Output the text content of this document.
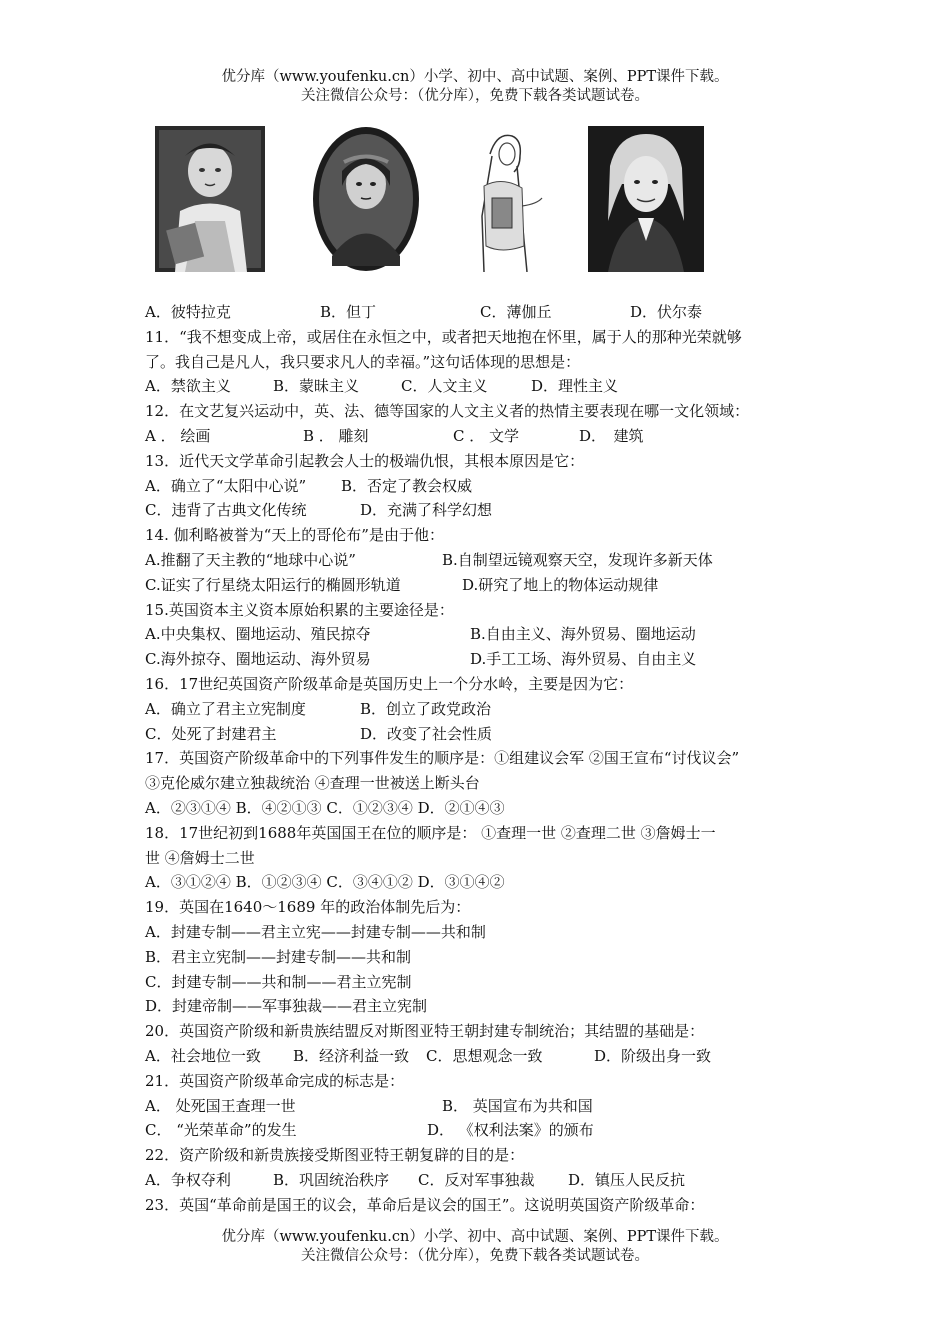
优分库（www.youfenku.cn）小学、初中、高中试题、案例、PPT课件下载。
关注微信公众号：（优分库），免费下载各类试题试卷。
A．彼特拉克	B．但丁	C．薄伽丘	D．伏尔泰
11．“我不想变成上帝，或居住在永恒之中，或者把天地抱在怀里，属于人的那种光荣就够
了。我自己是凡人，我只要求凡人的幸福。”这句话体现的思想是：
A．禁欲主义	B．蒙昧主义	C．人文主义	D．理性主义
12．在文艺复兴运动中，英、法、德等国家的人文主义者的热情主要表现在哪一文化领域：
A ． 绘画	B ． 雕刻	C ． 文学	D．　建筑
13．近代天文学革命引起教会人士的极端仇恨，其根本原因是它：
A．确立了“太阳中心说” B．否定了教会权威
C．违背了古典文化传统	D．充满了科学幻想
14. 伽利略被誉为“天上的哥伦布”是由于他：
A.推翻了天主教的“地球中心说”	B.自制望远镜观察天空，发现许多新天体
C.证实了行星绕太阳运行的椭圆形轨道	D.研究了地上的物体运动规律
15.英国资本主义资本原始积累的主要途径是：
A.中央集权、圈地运动、殖民掠夺	B.自由主义、海外贸易、圈地运动
C.海外掠夺、圈地运动、海外贸易	D.手工工场、海外贸易、自由主义
16．17世纪英国资产阶级革命是英国历史上一个分水岭，主要是因为它：
A．确立了君主立宪制度	B．创立了政党政治
C．处死了封建君主	D．改变了社会性质
17．英国资产阶级革命中的下列事件发生的顺序是：①组建议会军 ②国王宣布“讨伐议会”
③克伦威尔建立独裁统治 ④查理一世被送上断头台
A．②③①④ B．④②①③ C．①②③④ D．②①④③
18．17世纪初到1688年英国国王在位的顺序是： ①查理一世 ②查理二世 ③詹姆士一
世 ④詹姆士二世
A．③①②④ B．①②③④ C．③④①② D．③①④②
19．英国在1640～1689 年的政治体制先后为：
A．封建专制——君主立宪——封建专制——共和制
B．君主立宪制——封建专制——共和制
C．封建专制——共和制——君主立宪制
D．封建帝制——军事独裁——君主立宪制
20．英国资产阶级和新贵族结盟反对斯图亚特王朝封建专制统治；其结盟的基础是：
A．社会地位一致 B．经济利益一致 C．思想观念一致	D．阶级出身一致
21．英国资产阶级革命完成的标志是：
A． 处死国王查理一世	B． 英国宣布为共和国
C． “光荣革命”的发生	D． 《权利法案》的颁布
22．资产阶级和新贵族接受斯图亚特王朝复辟的目的是：
A．争权夺利	B．巩固统治秩序 C．反对军事独裁 D．镇压人民反抗
23．英国“革命前是国王的议会，革命后是议会的国王”。这说明英国资产阶级革命：
优分库（www.youfenku.cn）小学、初中、高中试题、案例、PPT课件下载。
关注微信公众号：（优分库），免费下载各类试题试卷。
